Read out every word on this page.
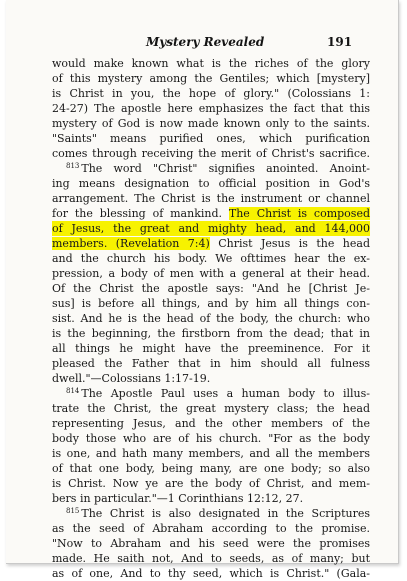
Mystery Revealed	191
would make known what is the riches of the glory
of this mystery among the Gentiles; which [mystery]
is Christ in you, the hope of glory." (Colossians 1:
24-27) The apostle here emphasizes the fact that this
mystery of God is now made known only to the saints.
"Saints" means purified ones, which purification
comes through receiving the merit of Christ's sacrifice.
$^{813}$ The word "Christ" signifies anointed. Anoint-
ing means designation to official position in God's
arrangement. The Christ is the instrument or channel
for the blessing of mankind. The Christ is composed
of Jesus, the great and mighty head, and 144,000
members. (Revelation 7:4) Christ Jesus is the head
and the church his body. We ofttimes hear the ex-
pression, a body of men with a general at their head.
Of the Christ the apostle says: "And he [Christ Je-
sus] is before all things, and by him all things con-
sist. And he is the head of the body, the church: who
is the beginning, the firstborn from the dead; that in
all things he might have the preeminence. For it
pleased the Father that in him should all fulness
dwell."—Colossians 1:17-19.
$^{814}$ The Apostle Paul uses a human body to illus-
trate the Christ, the great mystery class; the head
representing Jesus, and the other members of the
body those who are of his church. "For as the body
is one, and hath many members, and all the members
of that one body, being many, are one body; so also
is Christ. Now ye are the body of Christ, and mem-
bers in particular."—1 Corinthians 12:12, 27.
$^{815}$ The Christ is also designated in the Scriptures
as the seed of Abraham according to the promise.
"Now to Abraham and his seed were the promises
made. He saith not, And to seeds, as of many; but
as of one, And to thy seed, which is Christ." (Gala-
